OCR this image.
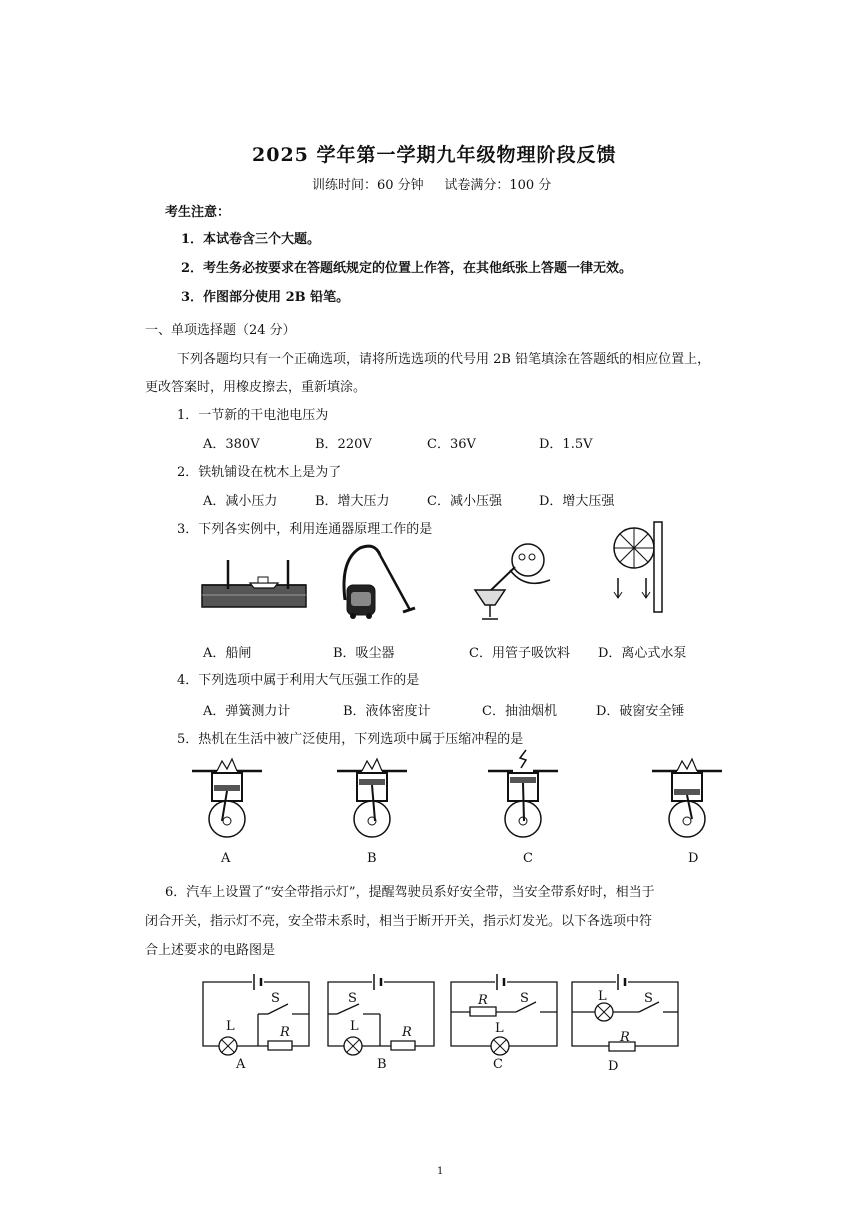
2025 学年第一学期九年级物理阶段反馈
训练时间：60 分钟     试卷满分：100 分
考生注意：
1．本试卷含三个大题。
2．考生务必按要求在答题纸规定的位置上作答，在其他纸张上答题一律无效。
3．作图部分使用 2B 铅笔。
一、单项选择题（24 分）
下列各题均只有一个正确选项，请将所选选项的代号用 2B 铅笔填涂在答题纸的相应位置上，
更改答案时，用橡皮擦去，重新填涂。
1．一节新的干电池电压为
A．380V	B．220V	C．36V	D．1.5V
2．铁轨铺设在枕木上是为了
A．减小压力	B．增大压力	C．减小压强	D．增大压强
3．下列各实例中，利用连通器原理工作的是
A．船闸	B．吸尘器	C．用管子吸饮料 D．离心式水泵
4．下列选项中属于利用大气压强工作的是
A．弹簧测力计	B．液体密度计	C．抽油烟机	D．破窗安全锤
5．热机在生活中被广泛使用，下列选项中属于压缩冲程的是
A	B	C	D
6．汽车上设置了“安全带指示灯”，提醒驾驶员系好安全带，当安全带系好时，相当于
闭合开关，指示灯不亮，安全带未系时，相当于断开开关，指示灯发光。以下各选项中符
合上述要求的电路图是
S
L	R
A
S
L	R
B
R S
L
C
L	S
R
D
1
